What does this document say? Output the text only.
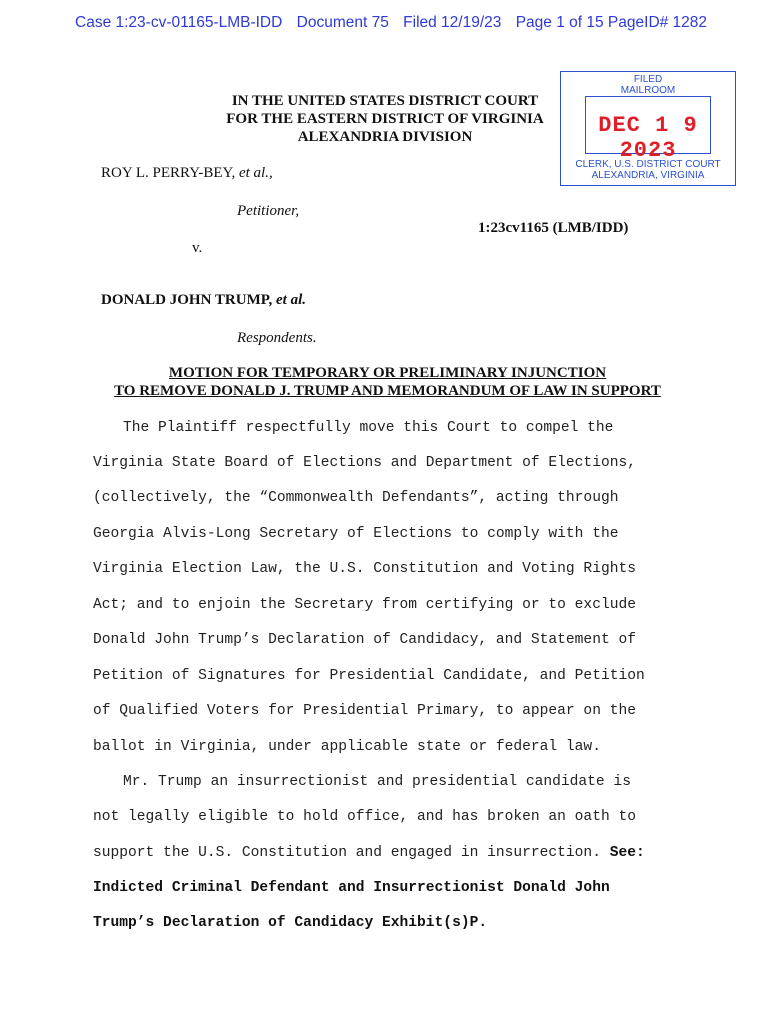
Case 1:23-cv-01165-LMB-IDD Document 75 Filed 12/19/23 Page 1 of 15 PageID# 1282
IN THE UNITED STATES DISTRICT COURT
FOR THE EASTERN DISTRICT OF VIRGINIA
ALEXANDRIA DIVISION
FILED
MAILROOM
DEC 1 9 2023
CLERK, U.S. DISTRICT COURT
ALEXANDRIA, VIRGINIA
ROY L. PERRY-BEY, et al.,
Petitioner,
1:23cv1165 (LMB/IDD)
v.
DONALD JOHN TRUMP, et al.
Respondents.
MOTION FOR TEMPORARY OR PRELIMINARY INJUNCTION
TO REMOVE DONALD J. TRUMP AND MEMORANDUM OF LAW IN SUPPORT
The Plaintiff respectfully move this Court to compel the
Virginia State Board of Elections and Department of Elections,
(collectively, the “Commonwealth Defendants”, acting through
Georgia Alvis-Long Secretary of Elections to comply with the
Virginia Election Law, the U.S. Constitution and Voting Rights
Act; and to enjoin the Secretary from certifying or to exclude
Donald John Trump’s Declaration of Candidacy, and Statement of
Petition of Signatures for Presidential Candidate, and Petition
of Qualified Voters for Presidential Primary, to appear on the
ballot in Virginia, under applicable state or federal law.
Mr. Trump an insurrectionist and presidential candidate is
not legally eligible to hold office, and has broken an oath to
support the U.S. Constitution and engaged in insurrection. See:
Indicted Criminal Defendant and Insurrectionist Donald John
Trump’s Declaration of Candidacy Exhibit(s)P.
